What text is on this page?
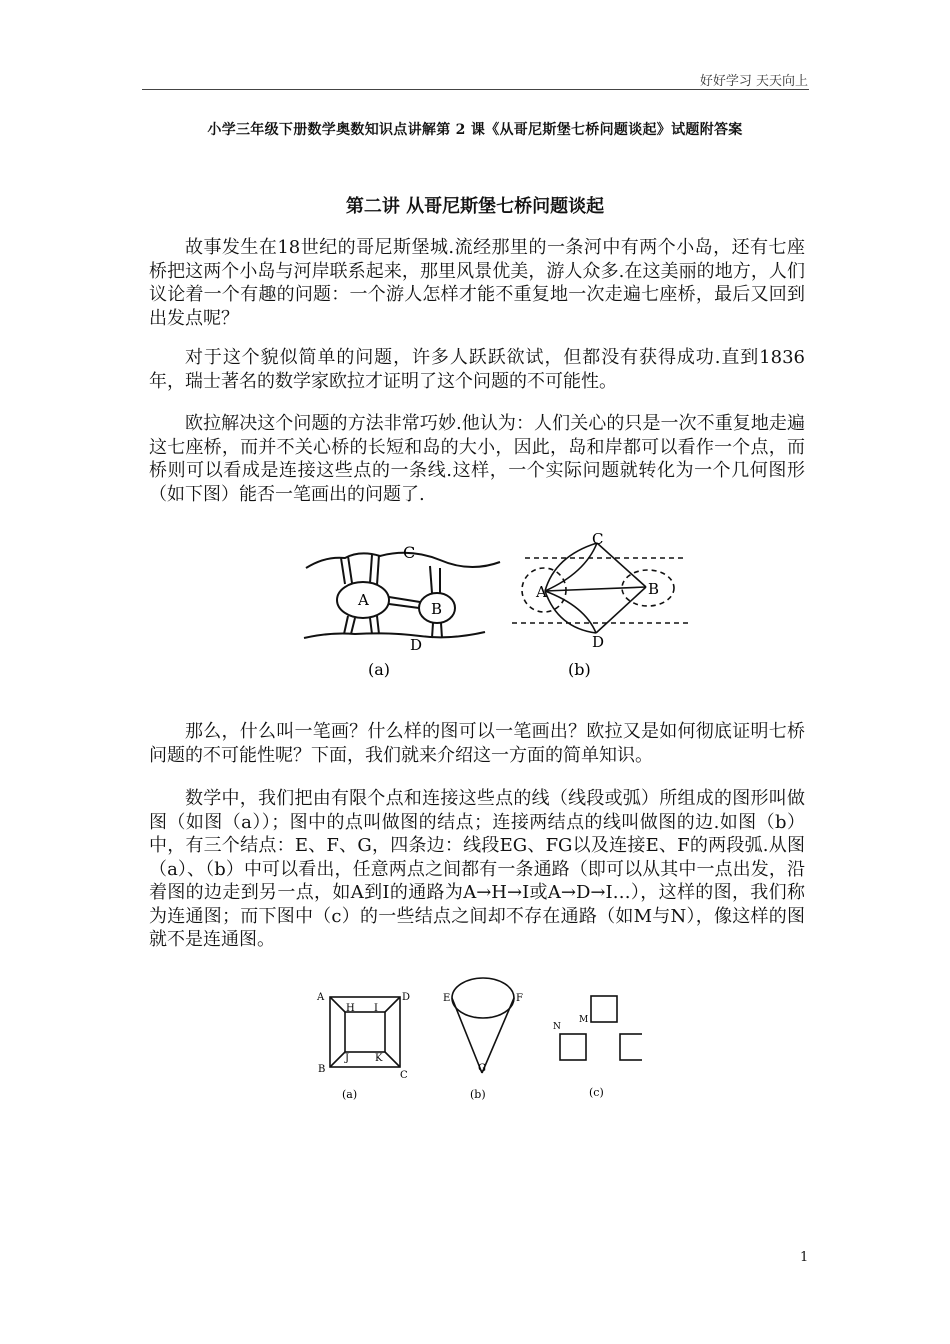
好好学习 天天向上
小学三年级下册数学奥数知识点讲解第 2 课《从哥尼斯堡七桥问题谈起》试题附答案
第二讲 从哥尼斯堡七桥问题谈起

故事发生在18世纪的哥尼斯堡城.流经那里的一条河中有两个小岛，还有七座桥把这两个小岛与河岸联系起来，那里风景优美，游人众多.在这美丽的地方，人们议论着一个有趣的问题：一个游人怎样才能不重复地一次走遍七座桥，最后又回到出发点呢？

对于这个貌似简单的问题，许多人跃跃欲试，但都没有获得成功.直到1836年，瑞士著名的数学家欧拉才证明了这个问题的不可能性。

欧拉解决这个问题的方法非常巧妙.他认为：人们关心的只是一次不重复地走遍这七座桥，而并不关心桥的长短和岛的大小，因此，岛和岸都可以看作一个点，而桥则可以看成是连接这些点的一条线.这样，一个实际问题就转化为一个几何图形（如下图）能否一笔画出的问题了.

C
A	B
D
(a)
C
A	B
D
(b)

那么，什么叫一笔画？什么样的图可以一笔画出？欧拉又是如何彻底证明七桥问题的不可能性呢？下面，我们就来介绍这一方面的简单知识。

数学中，我们把由有限个点和连接这些点的线（线段或弧）所组成的图形叫做图（如图（a））；图中的点叫做图的结点；连接两结点的线叫做图的边.如图（b）中，有三个结点：E、F、G，四条边：线段EG、FG以及连接E、F的两段弧.从图（a）、（b）中可以看出，任意两点之间都有一条通路（即可以从其中一点出发，沿着图的边走到另一点，如A到I的通路为A→H→I或A→D→I…），这样的图，我们称为连通图；而下图中（c）的一些结点之间却不存在通路（如M与N），像这样的图就不是连通图。

A	D
B
C
H I
J	K
(a)
E	F
G
(b)
M
N
(c)
1
